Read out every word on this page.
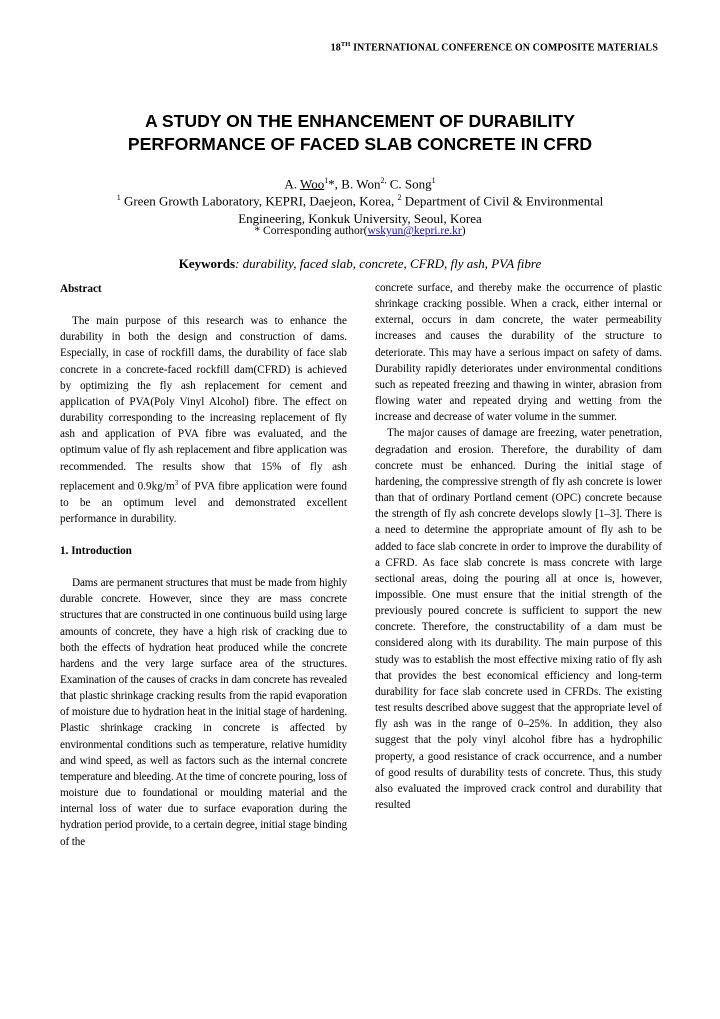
18TH INTERNATIONAL CONFERENCE ON COMPOSITE MATERIALS
A STUDY ON THE ENHANCEMENT OF DURABILITY
PERFORMANCE OF FACED SLAB CONCRETE IN CFRD
A. Woo$^1$*, B. Won$^{2,}$ C. Song$^1$
$^1$ Green Growth Laboratory, KEPRI, Daejeon, Korea, $^2$ Department of Civil & Environmental
Engineering, Konkuk University, Seoul, Korea
* Corresponding author(wskyun@kepri.re.kr)
Keywords: durability, faced slab, concrete, CFRD, fly ash, PVA fibre

Abstract

The main purpose of this research was to enhance the durability in both the design and construction of dams. Especially, in case of rockfill dams, the durability of face slab concrete in a concrete-faced rockfill dam(CFRD) is achieved by optimizing the fly ash replacement for cement and application of PVA(Poly Vinyl Alcohol) fibre. The effect on durability corresponding to the increasing replacement of fly ash and application of PVA fibre was evaluated, and the optimum value of fly ash replacement and fibre application was recommended. The results show that 15% of fly ash replacement and $0.9kg/m^3$ of PVA fibre application were found to be an optimum level and demonstrated excellent performance in durability.

1. Introduction

Dams are permanent structures that must be made from highly durable concrete. However, since they are mass concrete structures that are constructed in one continuous build using large amounts of concrete, they have a high risk of cracking due to both the effects of hydration heat produced while the concrete hardens and the very large surface area of the structures. Examination of the causes of cracks in dam concrete has revealed that plastic shrinkage cracking results from the rapid evaporation of moisture due to hydration heat in the initial stage of hardening. Plastic shrinkage cracking in concrete is affected by environmental conditions such as temperature, relative humidity and wind speed, as well as factors such as the internal concrete temperature and bleeding. At the time of concrete pouring, loss of moisture due to foundational or moulding material and the internal loss of water due to surface evaporation during the hydration period provide, to a certain degree, initial stage binding of the

concrete surface, and thereby make the occurrence of plastic shrinkage cracking possible. When a crack, either internal or external, occurs in dam concrete, the water permeability increases and causes the durability of the structure to deteriorate. This may have a serious impact on safety of dams. Durability rapidly deteriorates under environmental conditions such as repeated freezing and thawing in winter, abrasion from flowing water and repeated drying and wetting from the increase and decrease of water volume in the summer.

The major causes of damage are freezing, water penetration, degradation and erosion. Therefore, the durability of dam concrete must be enhanced. During the initial stage of hardening, the compressive strength of fly ash concrete is lower than that of ordinary Portland cement (OPC) concrete because the strength of fly ash concrete develops slowly [1–3]. There is a need to determine the appropriate amount of fly ash to be added to face slab concrete in order to improve the durability of a CFRD. As face slab concrete is mass concrete with large sectional areas, doing the pouring all at once is, however, impossible. One must ensure that the initial strength of the previously poured concrete is sufficient to support the new concrete. Therefore, the constructability of a dam must be considered along with its durability. The main purpose of this study was to establish the most effective mixing ratio of fly ash that provides the best economical efficiency and long-term durability for face slab concrete used in CFRDs. The existing test results described above suggest that the appropriate level of fly ash was in the range of 0–25%. In addition, they also suggest that the poly vinyl alcohol fibre has a hydrophilic property, a good resistance of crack occurrence, and a number of good results of durability tests of concrete. Thus, this study also evaluated the improved crack control and durability that resulted
